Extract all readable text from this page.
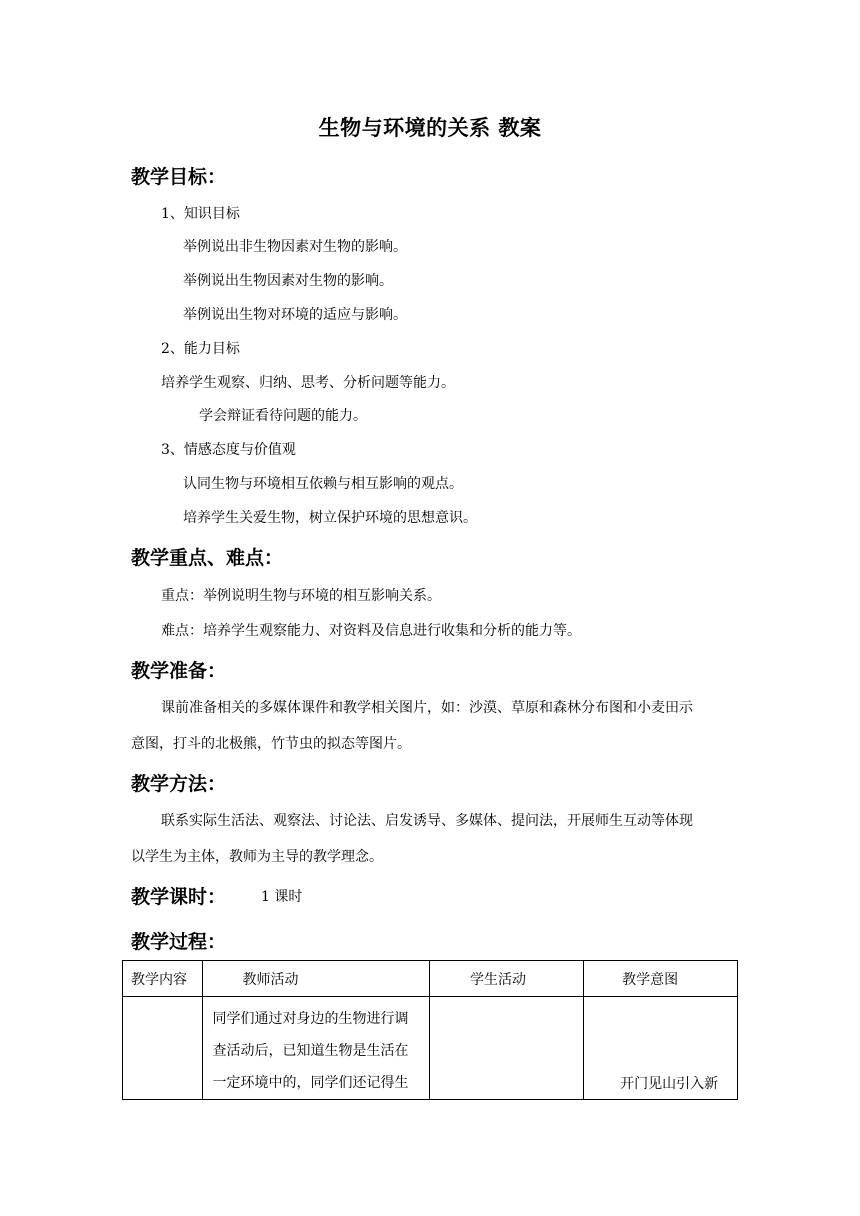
生物与环境的关系 教案
教学目标：
1、知识目标
举例说出非生物因素对生物的影响。
举例说出生物因素对生物的影响。
举例说出生物对环境的适应与影响。
2、能力目标
培养学生观察、归纳、思考、分析问题等能力。
学会辩证看待问题的能力。
3、情感态度与价值观
认同生物与环境相互依赖与相互影响的观点。
培养学生关爱生物，树立保护环境的思想意识。
教学重点、难点：
重点：举例说明生物与环境的相互影响关系。
难点：培养学生观察能力、对资料及信息进行收集和分析的能力等。
教学准备：
课前准备相关的多媒体课件和教学相关图片，如：沙漠、草原和森林分布图和小麦田示
意图，打斗的北极熊，竹节虫的拟态等图片。
教学方法：
联系实际生活法、观察法、讨论法、启发诱导、多媒体、提问法，开展师生互动等体现
以学生为主体，教师为主导的教学理念。
教学课时： 1 课时
教学过程：
教学内容	教师活动	学生活动	教学意图

	同学们通过对身边的生物进行调
查活动后，已知道生物是生活在
一定环境中的，同学们还记得生		开门见山引入新
